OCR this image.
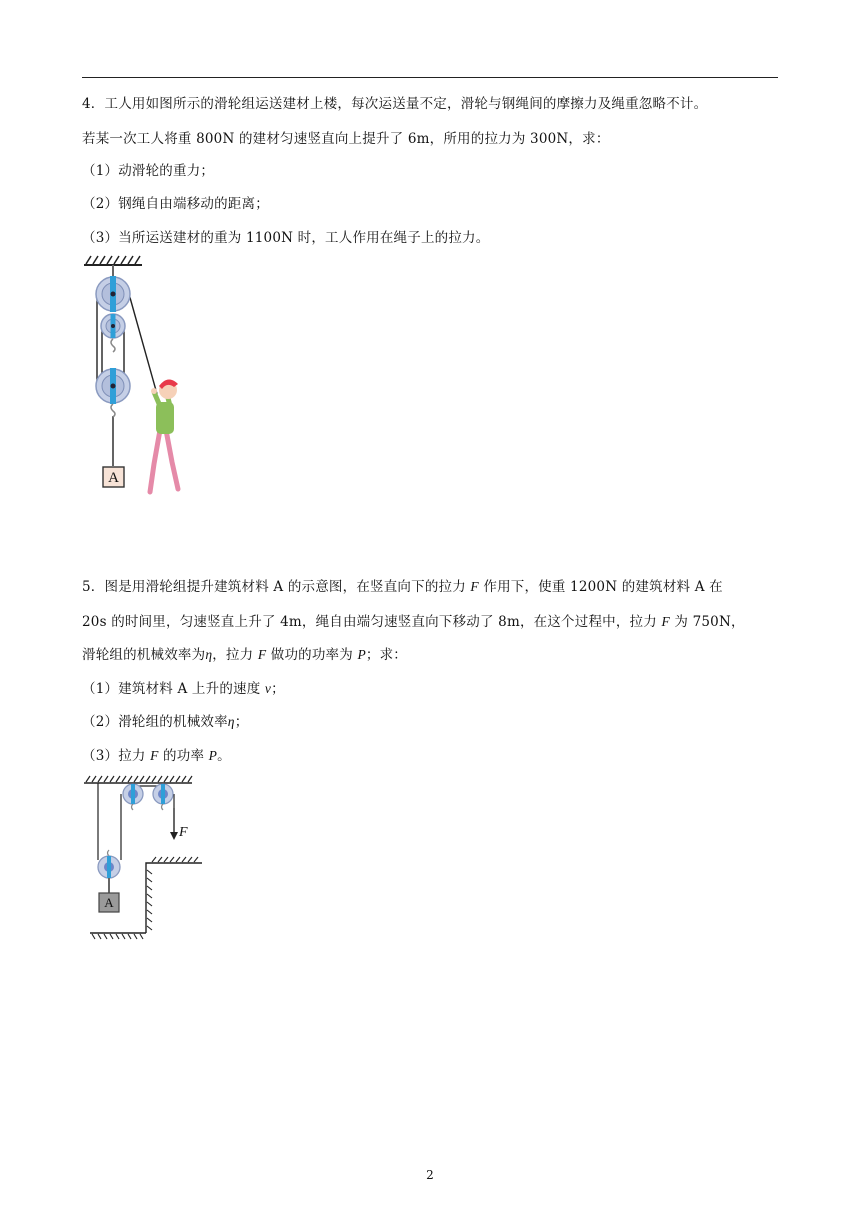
4．工人用如图所示的滑轮组运送建材上楼，每次运送量不定，滑轮与钢绳间的摩擦力及绳重忽略不计。
若某一次工人将重 800N 的建材匀速竖直向上提升了 6m，所用的拉力为 300N，求：
（1）动滑轮的重力；
（2）钢绳自由端移动的距离；
（3）当所运送建材的重为 1100N 时，工人作用在绳子上的拉力。
A
5．图是用滑轮组提升建筑材料 A 的示意图，在竖直向下的拉力 F 作用下，使重 1200N 的建筑材料 A 在
20s 的时间里，匀速竖直上升了 4m，绳自由端匀速竖直向下移动了 8m，在这个过程中，拉力 F 为 750N，
滑轮组的机械效率为η，拉力 F 做功的功率为 P；求：
（1）建筑材料 A 上升的速度 v；
（2）滑轮组的机械效率η；
（3）拉力 F 的功率 P。
F
A
2
